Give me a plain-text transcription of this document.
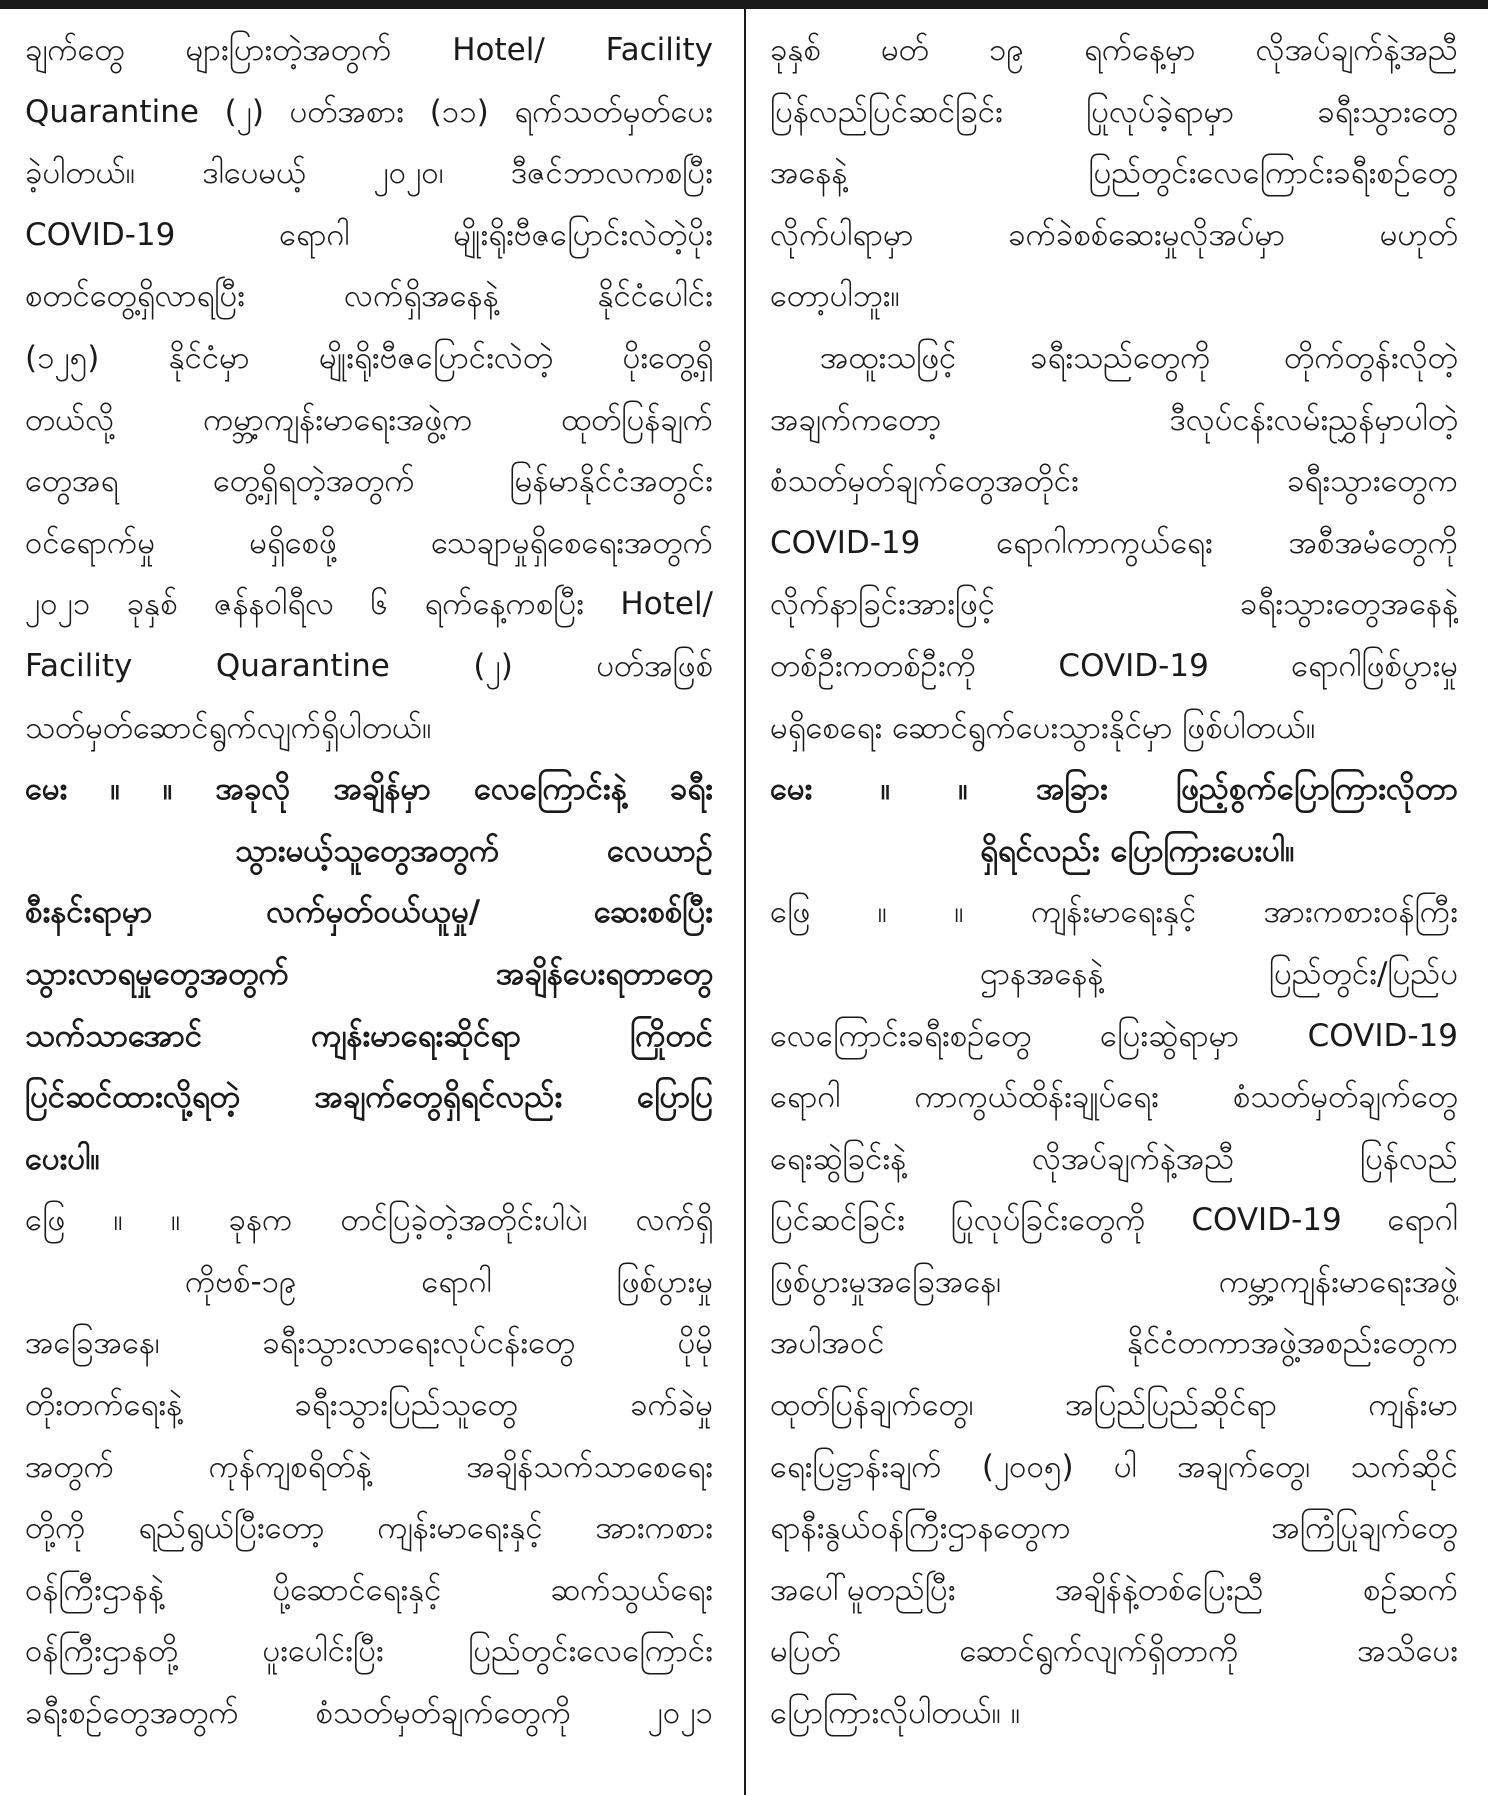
ချက်တွေ များပြားတဲ့အတွက် Hotel/ Facility
Quarantine (၂) ပတ်အစား (၁၁) ရက်သတ်မှတ်ပေး
ခဲ့ပါတယ်။ ဒါပေမယ့် ၂၀၂၀၊ ဒီဇင်ဘာလကစပြီး
COVID-19 ရောဂါ မျိုးရိုးဗီဇပြောင်းလဲတဲ့ပိုး
စတင်တွေ့ရှိလာရပြီး လက်ရှိအနေနဲ့ နိုင်ငံပေါင်း
(၁၂၅) နိုင်ငံမှာ မျိုးရိုးဗီဇပြောင်းလဲတဲ့ ပိုးတွေ့ရှိ
တယ်လို့ ကမ္ဘာ့ကျန်းမာရေးအဖွဲ့က ထုတ်ပြန်ချက်
တွေအရ တွေ့ရှိရတဲ့အတွက် မြန်မာနိုင်ငံအတွင်း
ဝင်ရောက်မှု မရှိစေဖို့ သေချာမှုရှိစေရေးအတွက်
၂၀၂၁ ခုနှစ် ဇန်နဝါရီလ ၆ ရက်နေ့ကစပြီး Hotel/
Facility Quarantine (၂) ပတ်အဖြစ်
သတ်မှတ်ဆောင်ရွက်လျက်ရှိပါတယ်။
မေး ။ ။ အခုလို အချိန်မှာ လေကြောင်းနဲ့ ခရီး
သွားမယ့်သူတွေအတွက် လေယာဉ်
စီးနင်းရာမှာ လက်မှတ်ဝယ်ယူမှု/ ဆေးစစ်ပြီး
သွားလာရမှုတွေအတွက် အချိန်ပေးရတာတွေ
သက်သာအောင် ကျန်းမာရေးဆိုင်ရာ ကြိုတင်
ပြင်ဆင်ထားလို့ရတဲ့ အချက်တွေရှိရင်လည်း ပြောပြ
ပေးပါ။
ဖြေ ။ ။ ခုနက တင်ပြခဲ့တဲ့အတိုင်းပါပဲ၊ လက်ရှိ
ကိုဗစ်-၁၉ ရောဂါ ဖြစ်ပွားမှု
အခြေအနေ၊ ခရီးသွားလာရေးလုပ်ငန်းတွေ ပိုမို
တိုးတက်ရေးနဲ့ ခရီးသွားပြည်သူတွေ ခက်ခဲမှု
အတွက် ကုန်ကျစရိတ်နဲ့ အချိန်သက်သာစေရေး
တို့ကို ရည်ရွယ်ပြီးတော့ ကျန်းမာရေးနှင့် အားကစား
ဝန်ကြီးဌာနနဲ့ ပို့ဆောင်ရေးနှင့် ဆက်သွယ်ရေး
ဝန်ကြီးဌာနတို့ ပူးပေါင်းပြီး ပြည်တွင်းလေကြောင်း
ခရီးစဉ်တွေအတွက် စံသတ်မှတ်ချက်တွေကို ၂၀၂၁
ခုနှစ် မတ် ၁၉ ရက်နေ့မှာ လိုအပ်ချက်နဲ့အညီ
ပြန်လည်ပြင်ဆင်ခြင်း ပြုလုပ်ခဲ့ရာမှာ ခရီးသွားတွေ
အနေနဲ့ ပြည်တွင်းလေကြောင်းခရီးစဉ်တွေ
လိုက်ပါရာမှာ ခက်ခဲစစ်ဆေးမှုလိုအပ်မှာ မဟုတ်
တော့ပါဘူး။
အထူးသဖြင့် ခရီးသည်တွေကို တိုက်တွန်းလိုတဲ့
အချက်ကတော့ ဒီလုပ်ငန်းလမ်းညွှန်မှာပါတဲ့
စံသတ်မှတ်ချက်တွေအတိုင်း ခရီးသွားတွေက
COVID-19 ရောဂါကာကွယ်ရေး အစီအမံတွေကို
လိုက်နာခြင်းအားဖြင့် ခရီးသွားတွေအနေနဲ့
တစ်ဦးကတစ်ဦးကို COVID-19 ရောဂါဖြစ်ပွားမှု
မရှိစေရေး ဆောင်ရွက်ပေးသွားနိုင်မှာ ဖြစ်ပါတယ်။
မေး ။ ။ အခြား ဖြည့်စွက်ပြောကြားလိုတာ
ရှိရင်လည်း ပြောကြားပေးပါ။
ဖြေ ။ ။ ကျန်းမာရေးနှင့် အားကစားဝန်ကြီး
ဌာနအနေနဲ့ ပြည်တွင်း/ပြည်ပ
လေကြောင်းခရီးစဉ်တွေ ပြေးဆွဲရာမှာ COVID-19
ရောဂါ ကာကွယ်ထိန်းချုပ်ရေး စံသတ်မှတ်ချက်တွေ
ရေးဆွဲခြင်းနဲ့ လိုအပ်ချက်နဲ့အညီ ပြန်လည်
ပြင်ဆင်ခြင်း ပြုလုပ်ခြင်းတွေကို COVID-19 ရောဂါ
ဖြစ်ပွားမှုအခြေအနေ၊ ကမ္ဘာ့ကျန်းမာရေးအဖွဲ့
အပါအဝင် နိုင်ငံတကာအဖွဲ့အစည်းတွေက
ထုတ်ပြန်ချက်တွေ၊ အပြည်ပြည်ဆိုင်ရာ ကျန်းမာ
ရေးပြဋ္ဌာန်းချက် (၂၀၀၅) ပါ အချက်တွေ၊ သက်ဆိုင်
ရာနီးနွယ်ဝန်ကြီးဌာနတွေက အကြံပြုချက်တွေ
အပေါ်မူတည်ပြီး အချိန်နဲ့တစ်ပြေးညီ စဉ်ဆက်
မပြတ် ဆောင်ရွက်လျက်ရှိတာကို အသိပေး
ပြောကြားလိုပါတယ်။ ။
